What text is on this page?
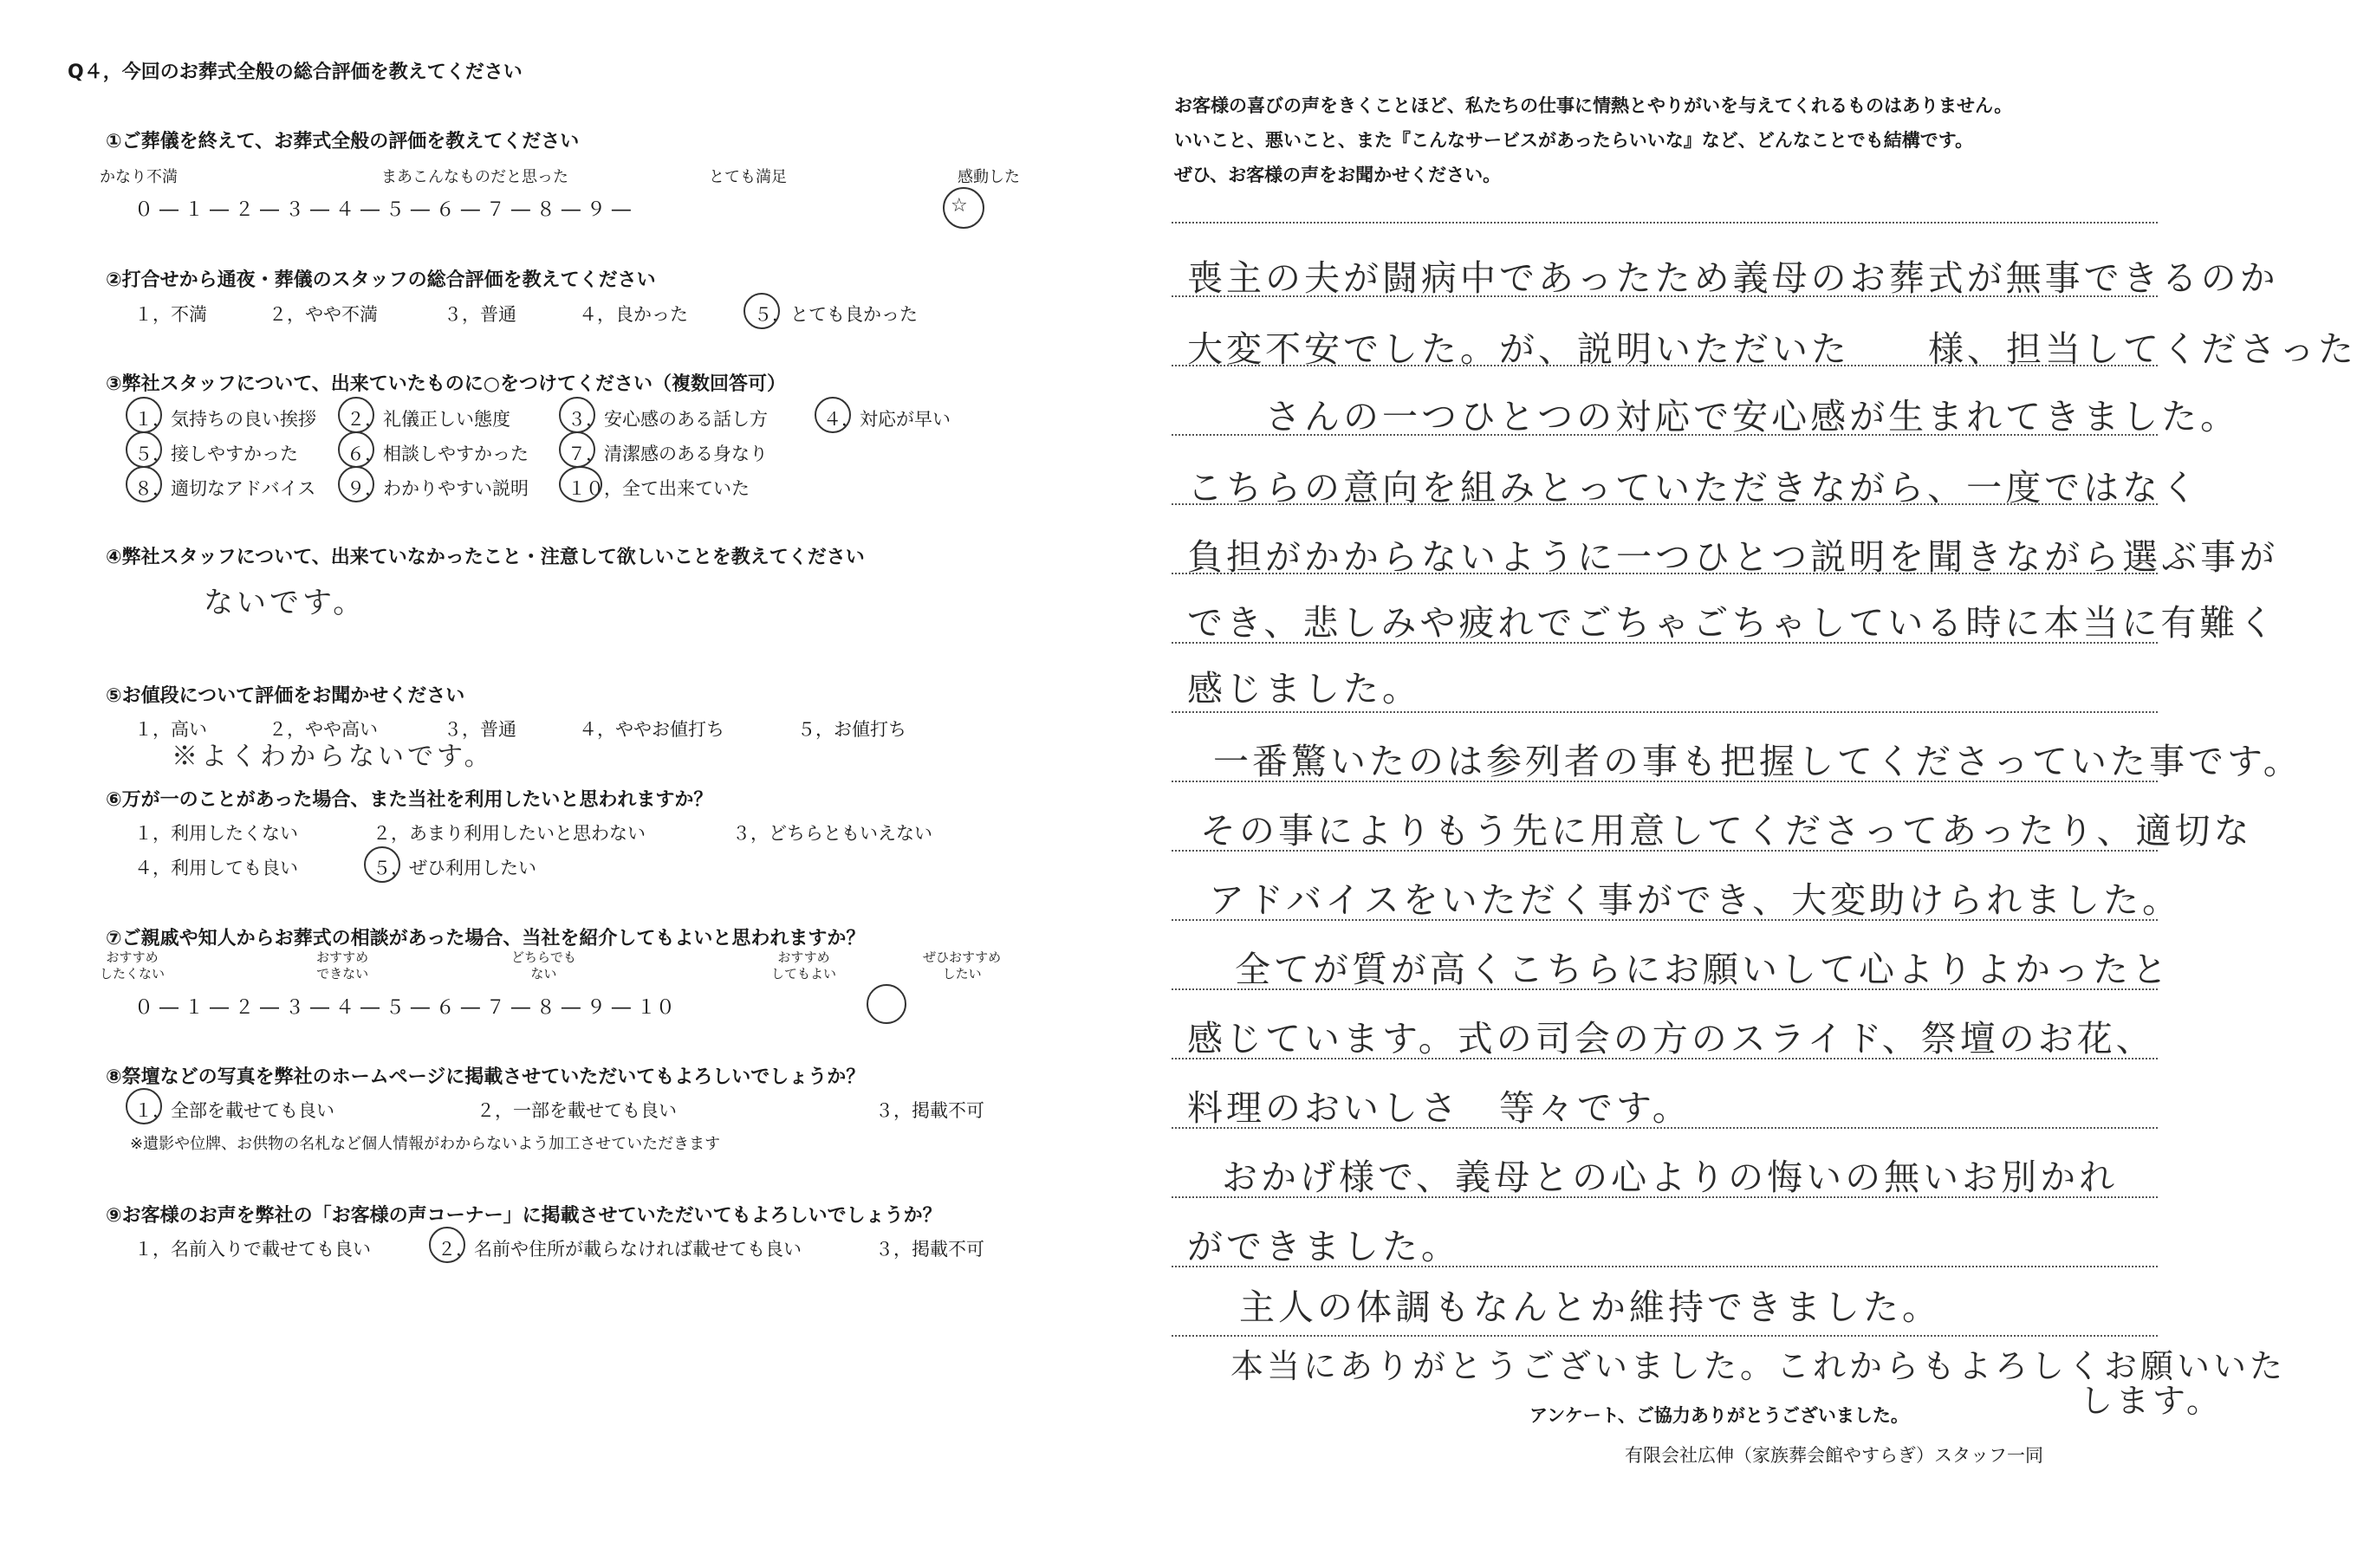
Q４，今回のお葬式全般の総合評価を教えてください
①ご葬儀を終えて、お葬式全般の評価を教えてください
かなり不満	まあこんなものだと思った	とても満足	感動した
０ ― １ ― ２ ― ３ ― ４ ― ５ ― ６ ― ７ ― ８ ― ９ ―	☆
②打合せから通夜・葬儀のスタッフの総合評価を教えてください
１，不満	２，やや不満	３，普通	４，良かった	５，とても良かった
③弊社スタッフについて、出来ていたものに○をつけてください（複数回答可）
１，気持ちの良い挨拶 ２，礼儀正しい態度	３，安心感のある話し方	４，対応が早い
５，接しやすかった	６，相談しやすかった ７，清潔感のある身なり
８，適切なアドバイス ９，わかりやすい説明 １０，全て出来ていた
④弊社スタッフについて、出来ていなかったこと・注意して欲しいことを教えてください
ないです。
⑤お値段について評価をお聞かせください
１，高い	２，やや高い	３，普通	４，ややお値打ち	５，お値打ち
※よくわからないです。
⑥万が一のことがあった場合、また当社を利用したいと思われますか？
１，利用したくない	２，あまり利用したいと思わない	３，どちらともいえない
４，利用しても良い	５，ぜひ利用したい
⑦ご親戚や知人からお葬式の相談があった場合、当社を紹介してもよいと思われますか？
おすすめ
したくない
おすすめ
できない
どちらでも
ない
おすすめ
してもよい
ぜひおすすめ
したい
０ ― １ ― ２ ― ３ ― ４ ― ５ ― ６ ― ７ ― ８ ― ９ ― １０
⑧祭壇などの写真を弊社のホームページに掲載させていただいてもよろしいでしょうか？
１，全部を載せても良い	２，一部を載せても良い	３，掲載不可
※遺影や位牌、お供物の名札など個人情報がわからないよう加工させていただきます
⑨お客様のお声を弊社の「お客様の声コーナー」に掲載させていただいてもよろしいでしょうか？
１，名前入りで載せても良い	２，名前や住所が載らなければ載せても良い	３，掲載不可
お客様の喜びの声をきくことほど、私たちの仕事に情熱とやりがいを与えてくれるものはありません。
いいこと、悪いこと、また『こんなサービスがあったらいいな』など、どんなことでも結構です。
ぜひ、お客様の声をお聞かせください。
喪主の夫が闘病中であったため義母のお葬式が無事できるのか
大変不安でした。が、説明いただいた　　様、担当してくださった
さんの一つひとつの対応で安心感が生まれてきました。
こちらの意向を組みとっていただきながら、一度ではなく
負担がかからないように一つひとつ説明を聞きながら選ぶ事が
でき、悲しみや疲れでごちゃごちゃしている時に本当に有難く
感じました。
一番驚いたのは参列者の事も把握してくださっていた事です。
その事によりもう先に用意してくださってあったり、適切な
アドバイスをいただく事ができ、大変助けられました。
全てが質が高くこちらにお願いして心よりよかったと
感じています。式の司会の方のスライド、祭壇のお花、
料理のおいしさ　等々です。
おかげ様で、義母との心よりの悔いの無いお別かれ
ができました。
主人の体調もなんとか維持できました。
本当にありがとうございました。これからもよろしくお願いいた
します。
アンケート、ご協力ありがとうございました。
有限会社広伸（家族葬会館やすらぎ）スタッフ一同
